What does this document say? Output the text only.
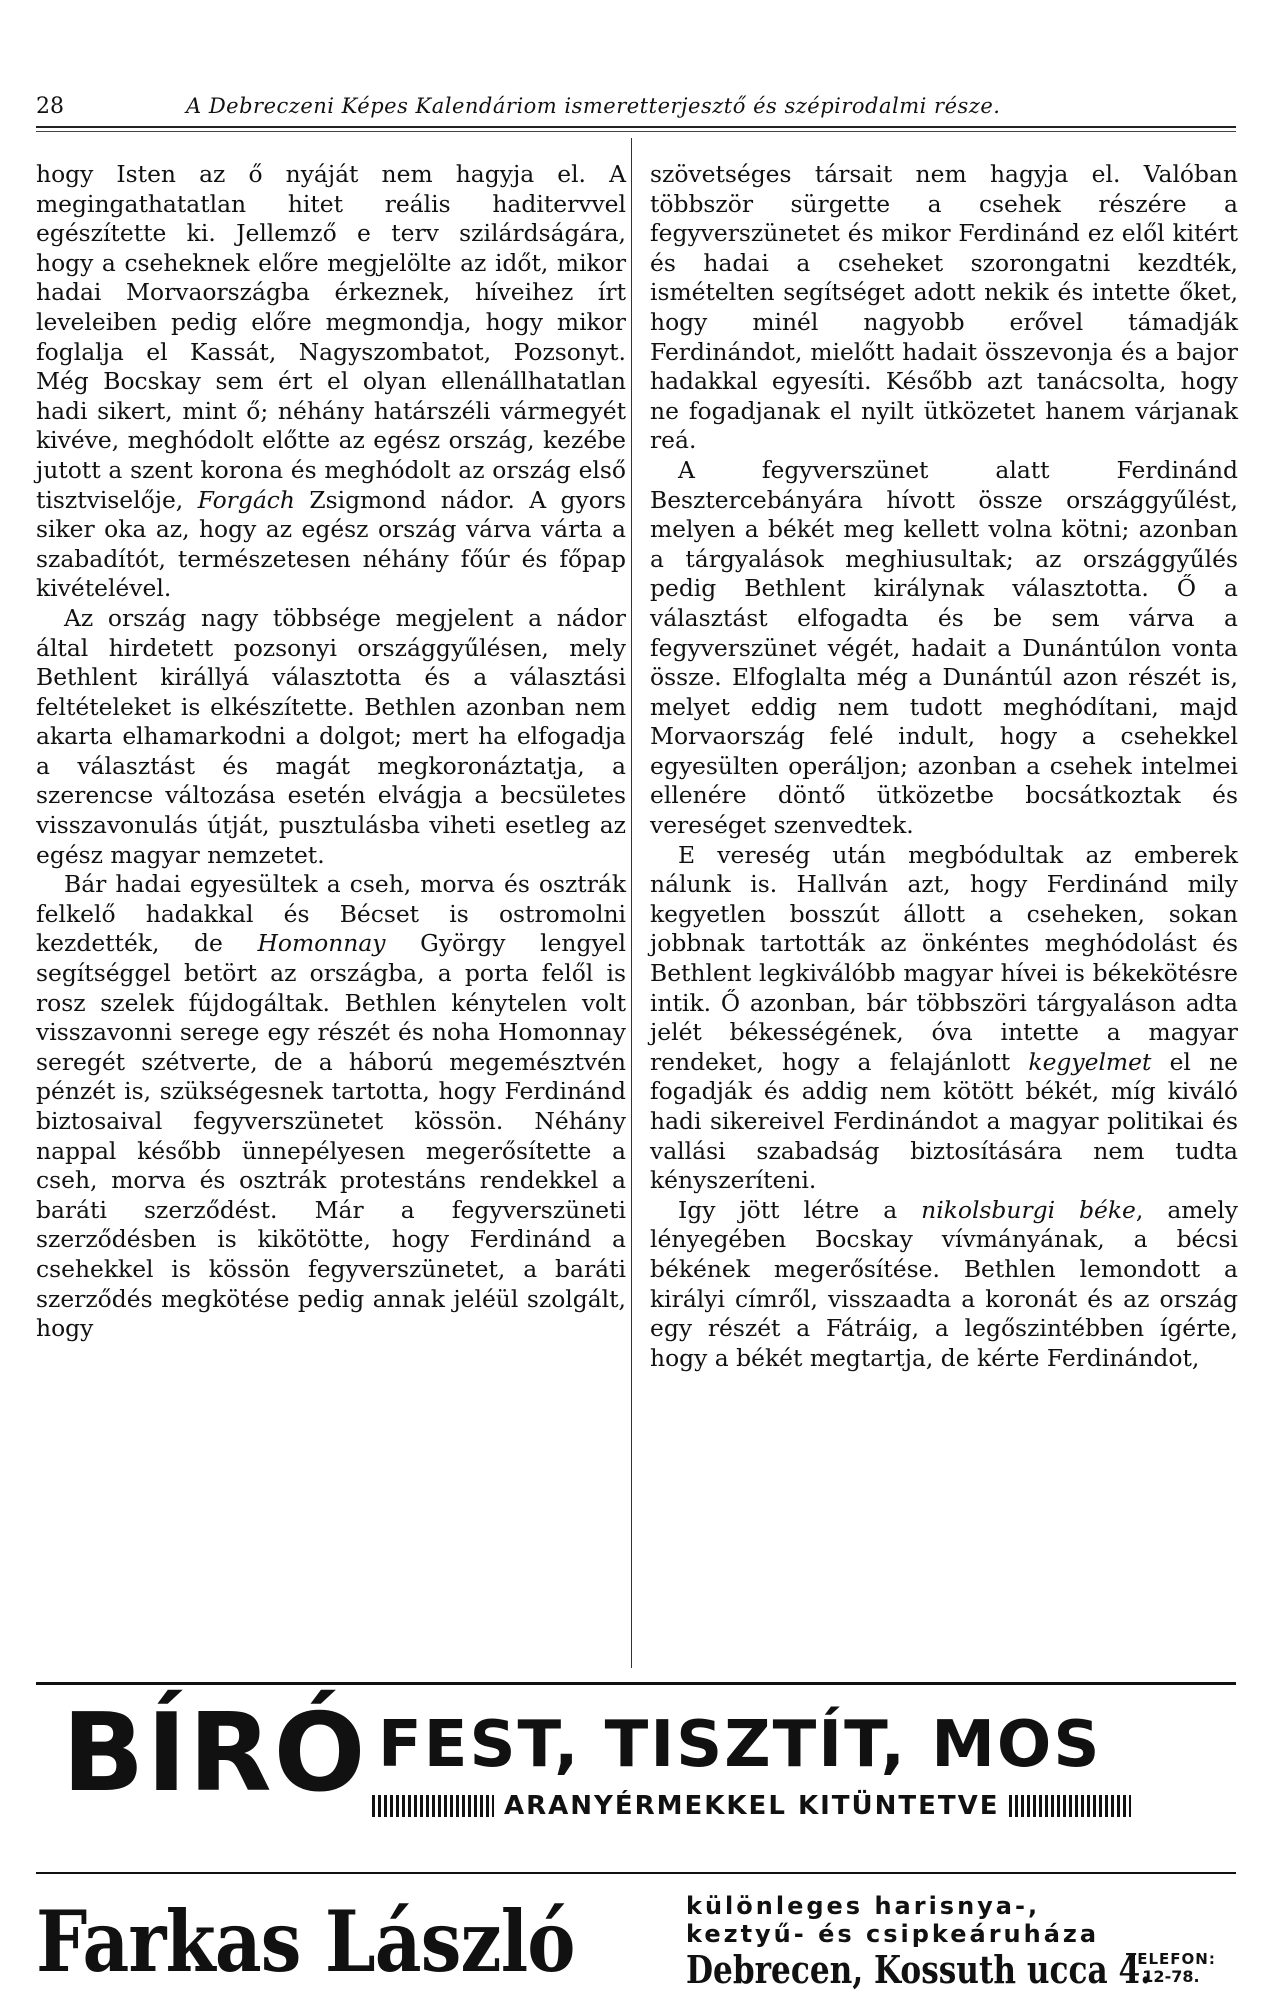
28	A Debreczeni Képes Kalendáriom ismeretterjesztő és szépirodalmi része.

hogy Isten az ő nyáját nem hagyja el. A megingathatatlan hitet reális haditervvel egészítette ki. Jellemző e terv szilárdságára, hogy a cseheknek előre megjelölte az időt, mikor hadai Morvaországba érkeznek, híveihez írt leveleiben pedig előre megmondja, hogy mikor foglalja el Kassát, Nagyszombatot, Pozsonyt. Még Bocskay sem ért el olyan ellenállhatatlan hadi sikert, mint ő; néhány határszéli vármegyét kivéve, meghódolt előtte az egész ország, kezébe jutott a szent korona és meghódolt az ország első tisztviselője, Forgách Zsigmond nádor. A gyors siker oka az, hogy az egész ország várva várta a szabadítót, természetesen néhány főúr és főpap kivételével.

Az ország nagy többsége megjelent a nádor által hirdetett pozsonyi országgyűlésen, mely Bethlent királlyá választotta és a választási feltételeket is elkészítette. Bethlen azonban nem akarta elhamarkodni a dolgot; mert ha elfogadja a választást és magát megkoronáztatja, a szerencse változása esetén elvágja a becsületes visszavonulás útját, pusztulásba viheti esetleg az egész magyar nemzetet.

Bár hadai egyesültek a cseh, morva és osztrák felkelő hadakkal és Bécset is ostromolni kezdették, de Homonnay György lengyel segítséggel betört az országba, a porta felől is rosz szelek fújdogáltak. Bethlen kénytelen volt visszavonni serege egy részét és noha Homonnay seregét szétverte, de a háború megemésztvén pénzét is, szükségesnek tartotta, hogy Ferdinánd biztosaival fegyverszünetet kössön. Néhány nappal később ünnepélyesen megerősítette a cseh, morva és osztrák protestáns rendekkel a baráti szerződést. Már a fegyverszüneti szerződésben is kikötötte, hogy Ferdinánd a csehekkel is kössön fegyverszünetet, a baráti szerződés megkötése pedig annak jeléül szolgált, hogy

szövetséges társait nem hagyja el. Valóban többször sürgette a csehek részére a fegyverszünetet és mikor Ferdinánd ez elől kitért és hadai a cseheket szorongatni kezdték, ismételten segítséget adott nekik és intette őket, hogy minél nagyobb erővel támadják Ferdinándot, mielőtt hadait összevonja és a bajor hadakkal egyesíti. Később azt tanácsolta, hogy ne fogadjanak el nyilt ütközetet hanem várjanak reá.

A fegyverszünet alatt Ferdinánd Besztercebányára hívott össze országgyűlést, melyen a békét meg kellett volna kötni; azonban a tárgyalások meghiusultak; az országgyűlés pedig Bethlent királynak választotta. Ő a választást elfogadta és be sem várva a fegyverszünet végét, hadait a Dunántúlon vonta össze. Elfoglalta még a Dunántúl azon részét is, melyet eddig nem tudott meghódítani, majd Morvaország felé indult, hogy a csehekkel egyesülten operáljon; azonban a csehek intelmei ellenére döntő ütközetbe bocsátkoztak és vereséget szenvedtek.

E vereség után megbódultak az emberek nálunk is. Hallván azt, hogy Ferdinánd mily kegyetlen bosszút állott a cseheken, sokan jobbnak tartották az önkéntes meghódolást és Bethlent legkiválóbb magyar hívei is békekötésre intik. Ő azonban, bár többszöri tárgyaláson adta jelét békességének, óva intette a magyar rendeket, hogy a felajánlott kegyelmet el ne fogadják és addig nem kötött békét, míg kiváló hadi sikereivel Ferdinándot a magyar politikai és vallási szabadság biztosítására nem tudta kényszeríteni.

Igy jött létre a nikolsburgi béke, amely lényegében Bocskay vívmányának, a bécsi békének megerősítése. Bethlen lemondott a királyi címről, visszaadta a koronát és az ország egy részét a Fátráig, a legőszintébben ígérte, hogy a békét megtartja, de kérte Ferdinándot,

BÍRÓ FEST, TISZTÍT, MOS
ARANYÉRMEKKEL KITÜNTETVE
Farkas László	különleges harisnya-,
keztyű- és csipkeáruháza
Debrecen, Kossuth ucca 4.
TELEFON:
12-78.
